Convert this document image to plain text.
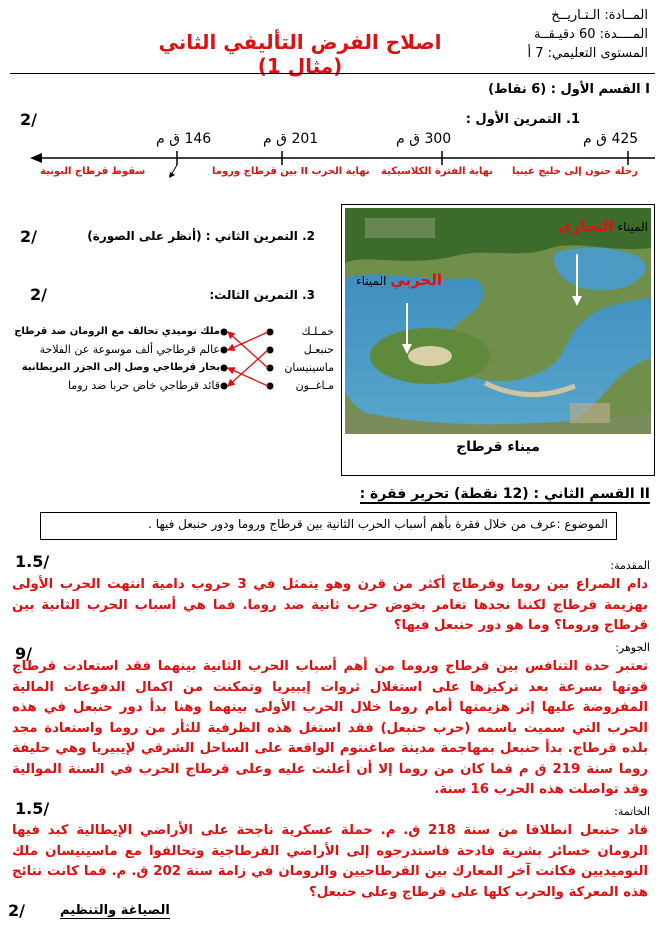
المــادة: الـتـاريــخ
المــــدة: 60 دقيـقــة
المستوى التعليمي: 7 أ
اصلاح الفرض التأليفي الثاني (مثال 1)
I القسم الأول : (6 نقاط)
1. التمرين الأول :
2/
425 ق م
300 ق م
201 ق م
146 ق م
رحلة حنون إلى خليج غينيا
نهاية الفترة الكلاسيكية
نهاية الحرب II بين قرطاج وروما
سقوط قرطاج البونية
2. التمرين الثاني : (أنظر على الصورة)
2/
3. التمرين الثالث:
2/
ملك نوميدي تحالف مع الرومان ضد قرطاج
عالم قرطاجي ألف موسوعة عن الفلاحة
بحار قرطاجي وصل إلى الجزر البريطانية
قائد قرطاجي خاض حربا ضد روما
خمـلـك
حنبعـل
ماسينيسان
مـاغــون
الميناء التجاري
الحربي الميناء
ميناء قرطاج
II القسم الثاني : (12 نقطة) تحرير فقرة :
الموضوع :عرف من خلال فقرة بأهم أسباب الحرب الثانية بين قرطاج وروما ودور حنبعل فيها .
المقدمة:
1.5/
دام الصراع بين روما وقرطاج أكثر من قرن وهو يتمثل في 3 حروب دامية انتهت الحرب الأولى بهزيمة قرطاج لكننا نجدها تغامر بخوض حرب ثانية ضد روما. فما هي أسباب الحرب الثانية بين قرطاج وروما؟ وما هو دور حنبعل فيها؟
الجوهر:
9/
تعتبر حدة التنافس بين قرطاج وروما من أهم أسباب الحرب الثانية بينهما فقد استعادت قرطاج قوتها بسرعة بعد تركيزها على استغلال ثروات إيبيريا وتمكنت من اكمال الدفوعات المالية المفروضة عليها إثر هزيمتها أمام روما خلال الحرب الأولى بينهما وهنا بدأ دور حنبعل في هذه الحرب التي سميت باسمه (حرب حنبعل) فقد استغل هذه الظرفية للثأر من روما واستعادة مجد بلده قرطاج. بدأ حنبعل بمهاجمة مدينة صاغنتوم الواقعة على الساحل الشرقي لإيبيريا وهي حليفة روما سنة 219 ق م فما كان من روما إلا أن أعلنت عليه وعلى قرطاج الحرب في السنة الموالية وقد تواصلت هذه الحرب 16 سنة.
الخاتمة:
1.5/
قاد حنبعل انطلاقا من سنة 218 ق. م. حملة عسكرية ناجحة على الأراضي الإيطالية كبد فيها الرومان خسائر بشرية فادحة فاستدرجوه إلى الأراضي القرطاجية وتحالفوا مع ماسينيسان ملك النوميديين فكانت آخر المعارك بين القرطاجيين والرومان في زامة سنة 202 ق. م. فما كانت نتائج هذه المعركة والحرب كلها على قرطاج وعلى حنبعل؟
الصياغة والتنظيم
2/
